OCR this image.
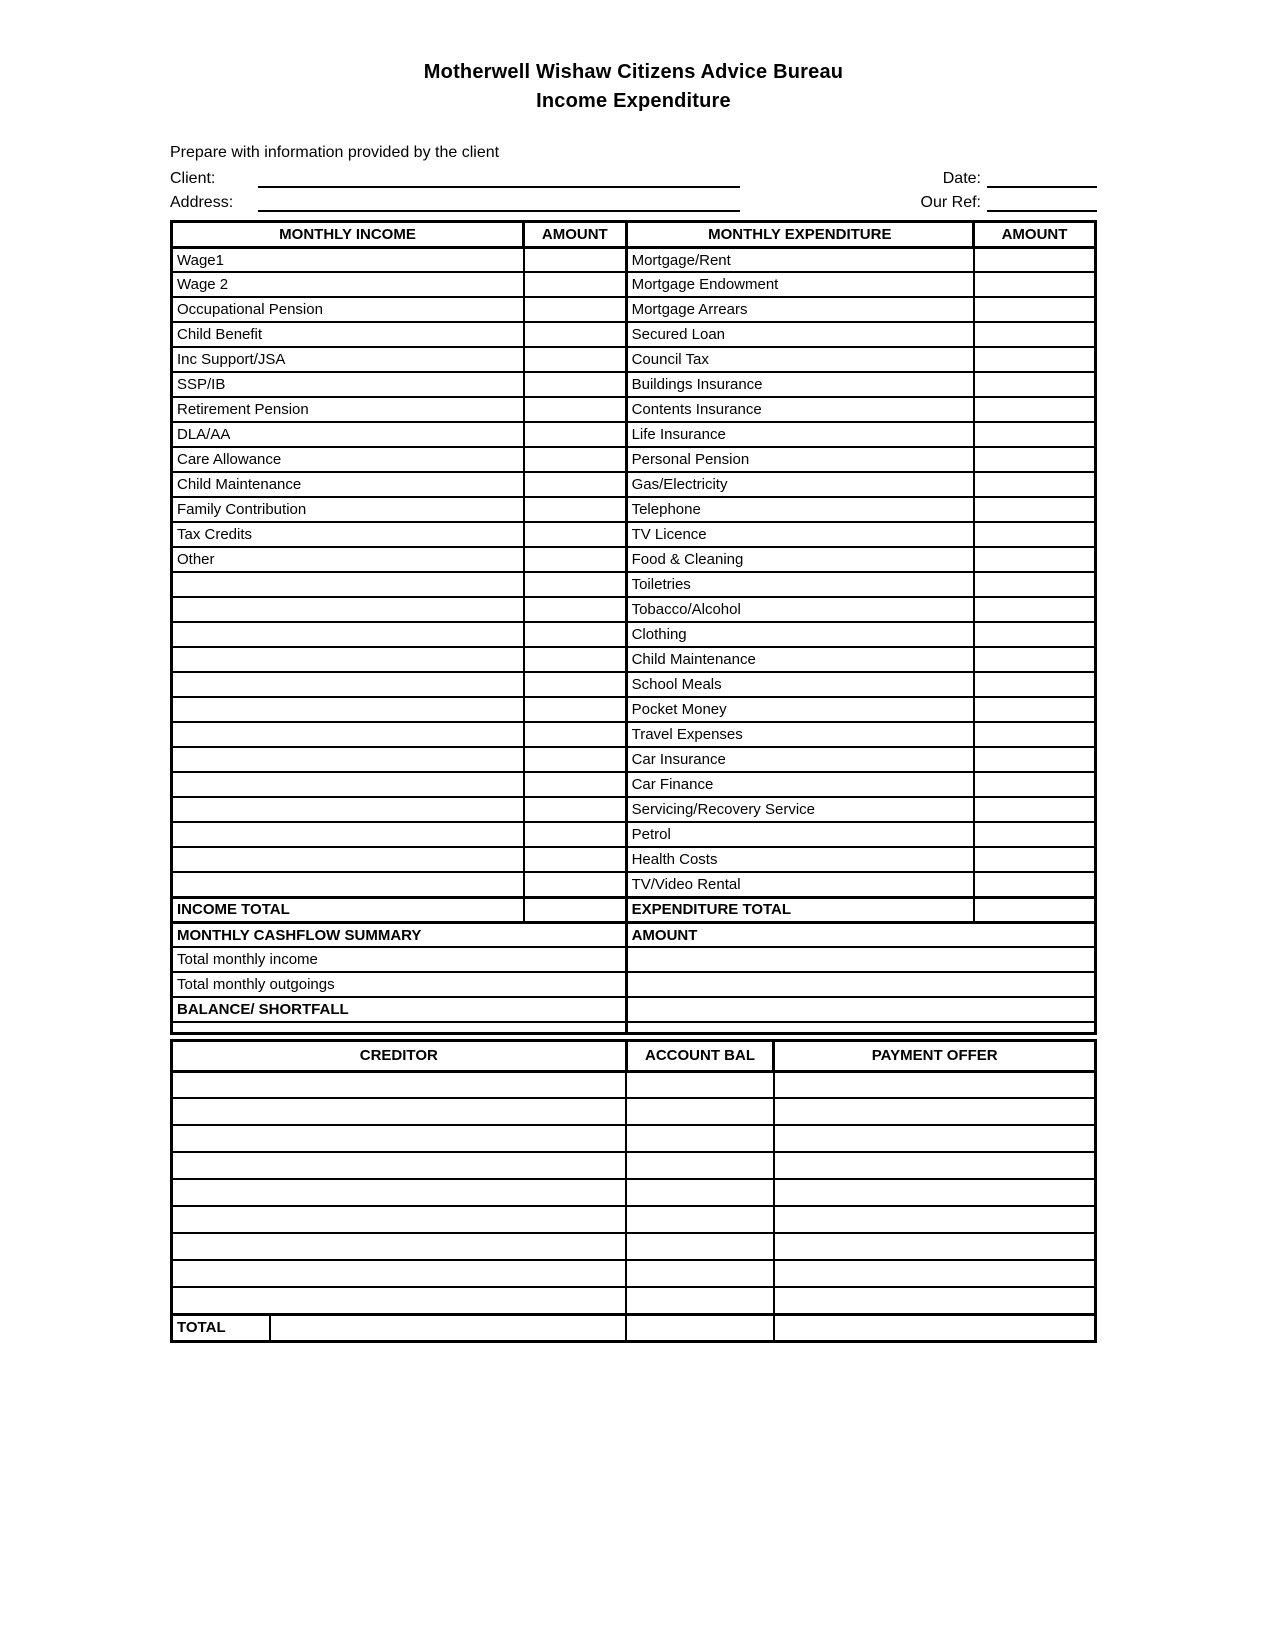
Motherwell Wishaw Citizens Advice Bureau
Income Expenditure
Prepare with information provided by the client
Client:	Date:
Address:	Our Ref:
MONTHLY INCOME	AMOUNT	MONTHLY EXPENDITURE	AMOUNT
Wage1		Mortgage/Rent	
Wage 2		Mortgage Endowment	
Occupational Pension		Mortgage Arrears	
Child Benefit		Secured Loan	
Inc Support/JSA		Council Tax	
SSP/IB		Buildings Insurance	
Retirement Pension		Contents Insurance	
DLA/AA		Life Insurance	
Care Allowance		Personal Pension	
Child Maintenance		Gas/Electricity	
Family Contribution		Telephone	
Tax Credits		TV Licence	
Other		Food & Cleaning	
		Toiletries	
		Tobacco/Alcohol	
		Clothing	
		Child Maintenance	
		School Meals	
		Pocket Money	
		Travel Expenses	
		Car Insurance	
		Car Finance	
		Servicing/Recovery Service	
		Petrol	
		Health Costs	
		TV/Video Rental	
INCOME TOTAL		EXPENDITURE TOTAL	
MONTHLY CASHFLOW SUMMARY		AMOUNT	
Total monthly income			
Total monthly outgoings			
BALANCE/ SHORTFALL			

CREDITOR		ACCOUNT BAL	PAYMENT OFFER

TOTAL			
